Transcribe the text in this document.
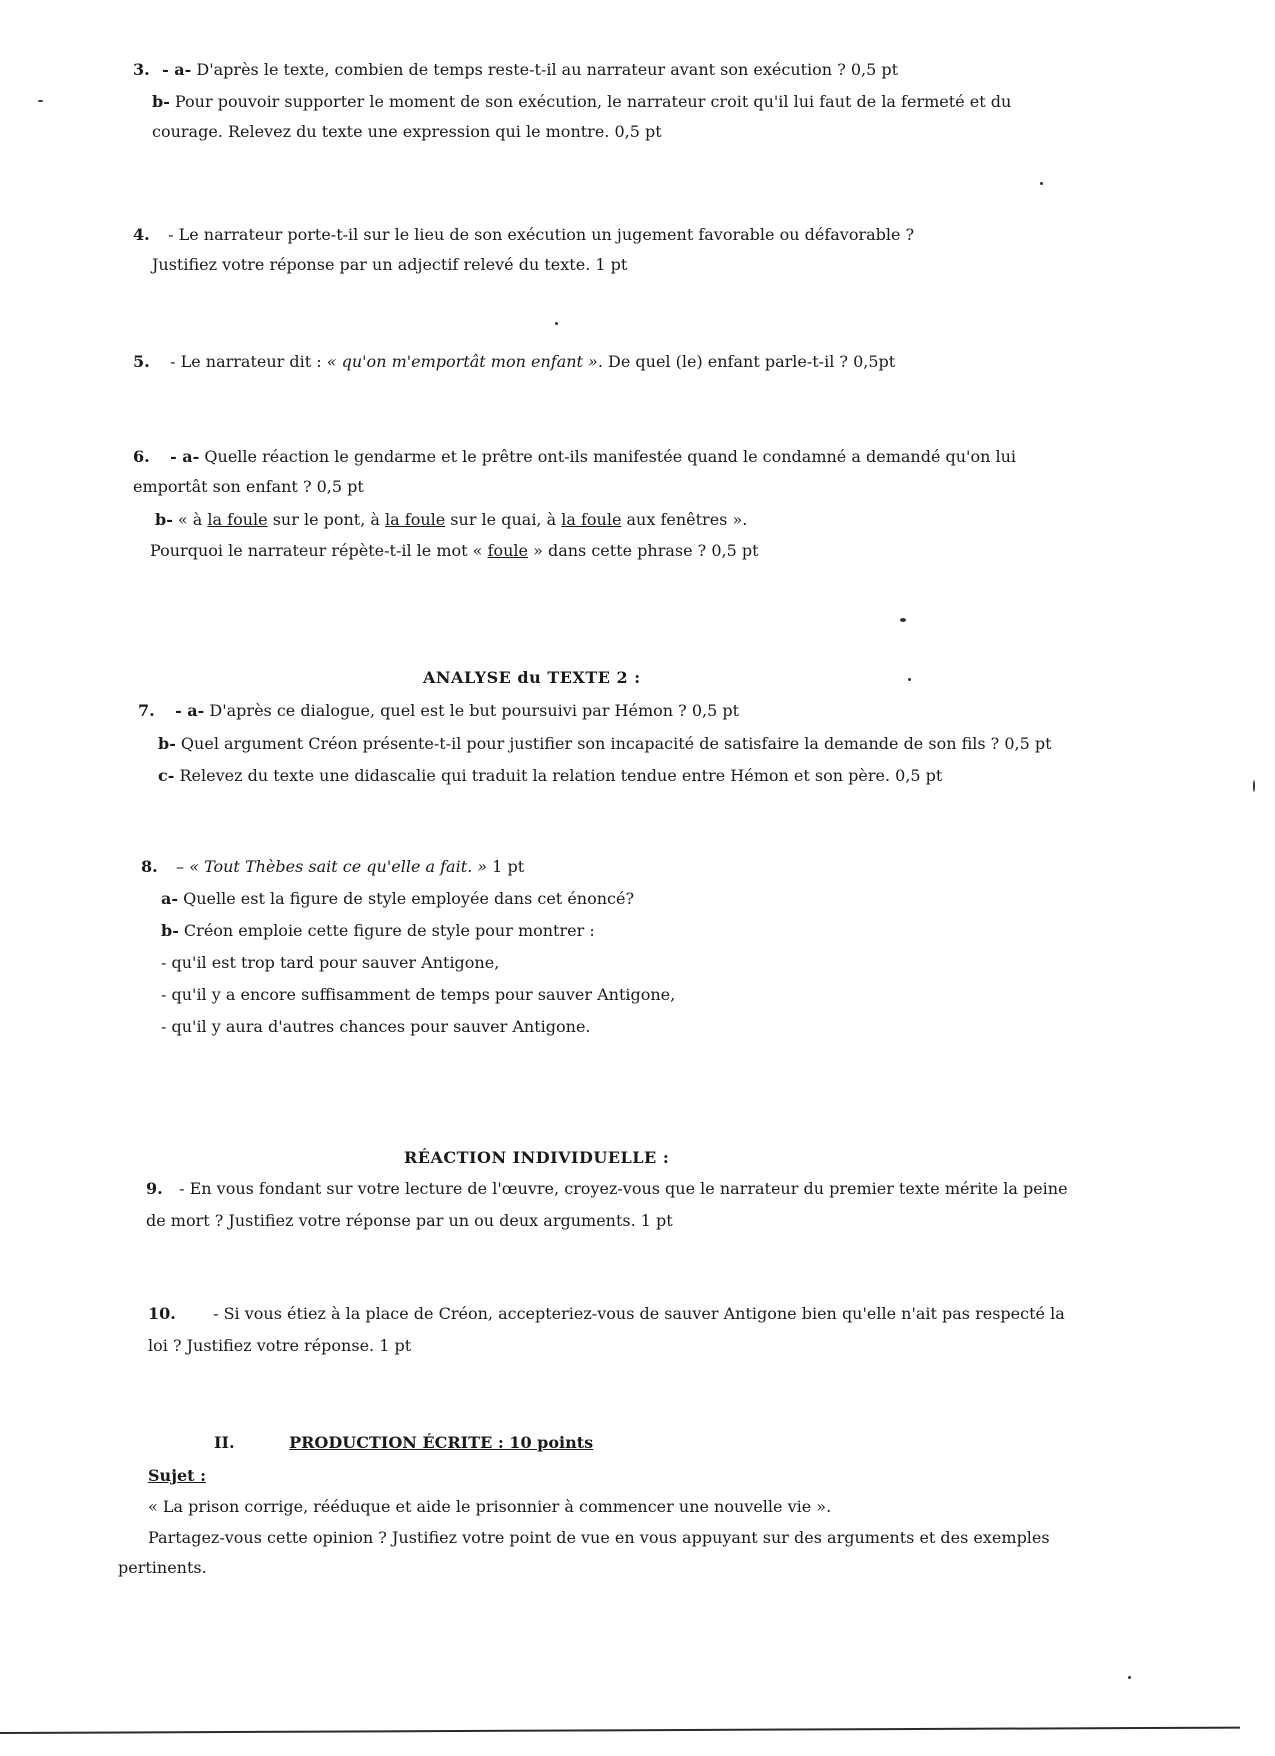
3. - a- D'après le texte, combien de temps reste-t-il au narrateur avant son exécution ? 0,5 pt
b- Pour pouvoir supporter le moment de son exécution, le narrateur croit qu'il lui faut de la fermeté et du
courage. Relevez du texte une expression qui le montre. 0,5 pt
4. - Le narrateur porte-t-il sur le lieu de son exécution un jugement favorable ou défavorable ?
Justifiez votre réponse par un adjectif relevé du texte. 1 pt
5. - Le narrateur dit : « qu'on m'emportât mon enfant ». De quel (le) enfant parle-t-il ? 0,5pt
6. - a- Quelle réaction le gendarme et le prêtre ont-ils manifestée quand le condamné a demandé qu'on lui
emportât son enfant ? 0,5 pt
b- « à la foule sur le pont, à la foule sur le quai, à la foule aux fenêtres ».
Pourquoi le narrateur répète-t-il le mot « foule » dans cette phrase ? 0,5 pt
ANALYSE du TEXTE 2 :
7. - a- D'après ce dialogue, quel est le but poursuivi par Hémon ? 0,5 pt
b- Quel argument Créon présente-t-il pour justifier son incapacité de satisfaire la demande de son fils ? 0,5 pt
c- Relevez du texte une didascalie qui traduit la relation tendue entre Hémon et son père. 0,5 pt
8. – « Tout Thèbes sait ce qu'elle a fait. » 1 pt
a- Quelle est la figure de style employée dans cet énoncé?
b- Créon emploie cette figure de style pour montrer :
- qu'il est trop tard pour sauver Antigone,
- qu'il y a encore suffisamment de temps pour sauver Antigone,
- qu'il y aura d'autres chances pour sauver Antigone.
RÉACTION INDIVIDUELLE :
9. - En vous fondant sur votre lecture de l'œuvre, croyez-vous que le narrateur du premier texte mérite la peine
de mort ? Justifiez votre réponse par un ou deux arguments. 1 pt
10. - Si vous étiez à la place de Créon, accepteriez-vous de sauver Antigone bien qu'elle n'ait pas respecté la
loi ? Justifiez votre réponse. 1 pt
II.	PRODUCTION ÉCRITE : 10 points
Sujet :
« La prison corrige, rééduque et aide le prisonnier à commencer une nouvelle vie ».
Partagez-vous cette opinion ? Justifiez votre point de vue en vous appuyant sur des arguments et des exemples
pertinents.
